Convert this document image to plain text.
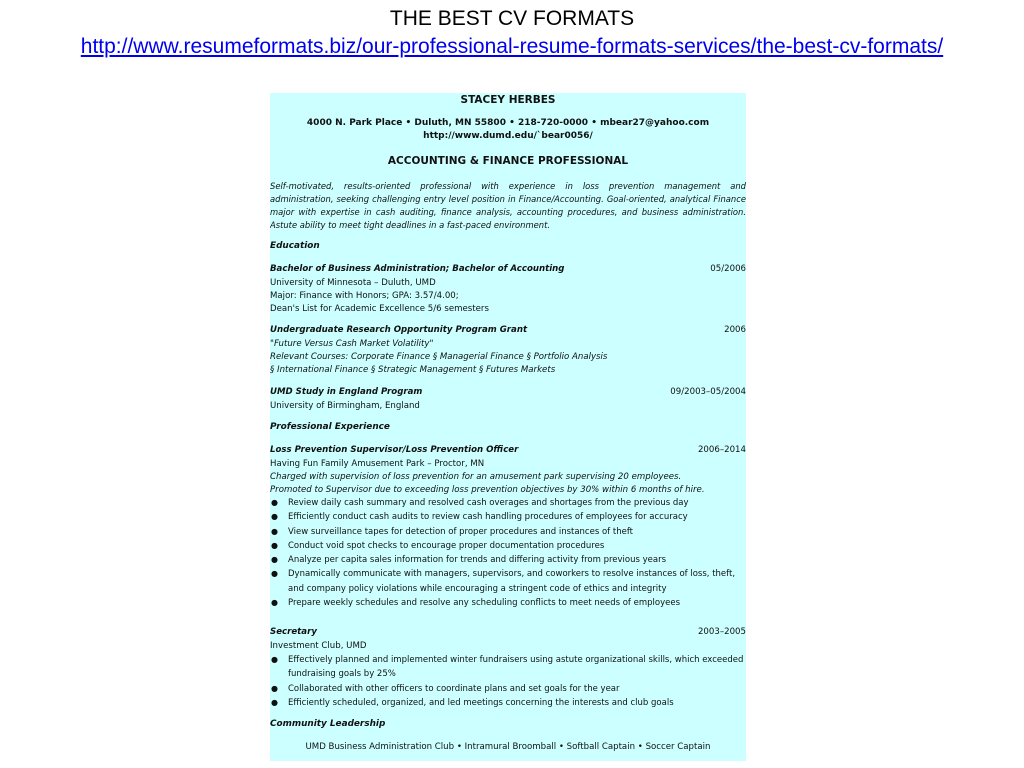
THE BEST CV FORMATS
http://www.resumeformats.biz/our-professional-resume-formats-services/the-best-cv-formats/
STACEY HERBES
4000 N. Park Place • Duluth, MN 55800 • 218-720-0000 • mbear27@yahoo.com
http://www.dumd.edu/`bear0056/
ACCOUNTING & FINANCE PROFESSIONAL
Self-motivated, results-oriented professional with experience in loss prevention management and administration, seeking challenging entry level position in Finance/Accounting. Goal-oriented, analytical Finance major with expertise in cash auditing, finance analysis, accounting procedures, and business administration. Astute ability to meet tight deadlines in a fast-paced environment.
Education
Bachelor of Business Administration; Bachelor of Accounting	05/2006
University of Minnesota – Duluth, UMD
Major: Finance with Honors; GPA: 3.57/4.00;
Dean's List for Academic Excellence 5/6 semesters
Undergraduate Research Opportunity Program Grant	2006
"Future Versus Cash Market Volatility"
Relevant Courses: Corporate Finance § Managerial Finance § Portfolio Analysis
§ International Finance § Strategic Management § Futures Markets
UMD Study in England Program	09/2003–05/2004
University of Birmingham, England
Professional Experience
Loss Prevention Supervisor/Loss Prevention Officer	2006–2014
Having Fun Family Amusement Park – Proctor, MN
Charged with supervision of loss prevention for an amusement park supervising 20 employees.
Promoted to Supervisor due to exceeding loss prevention objectives by 30% within 6 months of hire.
● Review daily cash summary and resolved cash overages and shortages from the previous day
● Efficiently conduct cash audits to review cash handling procedures of employees for accuracy
● View surveillance tapes for detection of proper procedures and instances of theft
● Conduct void spot checks to encourage proper documentation procedures
● Analyze per capita sales information for trends and differing activity from previous years
● Dynamically communicate with managers, supervisors, and coworkers to resolve instances of loss, theft, and company policy violations while encouraging a stringent code of ethics and integrity
● Prepare weekly schedules and resolve any scheduling conflicts to meet needs of employees
Secretary	2003–2005
Investment Club, UMD
● Effectively planned and implemented winter fundraisers using astute organizational skills, which exceeded fundraising goals by 25%
● Collaborated with other officers to coordinate plans and set goals for the year
● Efficiently scheduled, organized, and led meetings concerning the interests and club goals
Community Leadership
UMD Business Administration Club • Intramural Broomball • Softball Captain • Soccer Captain
